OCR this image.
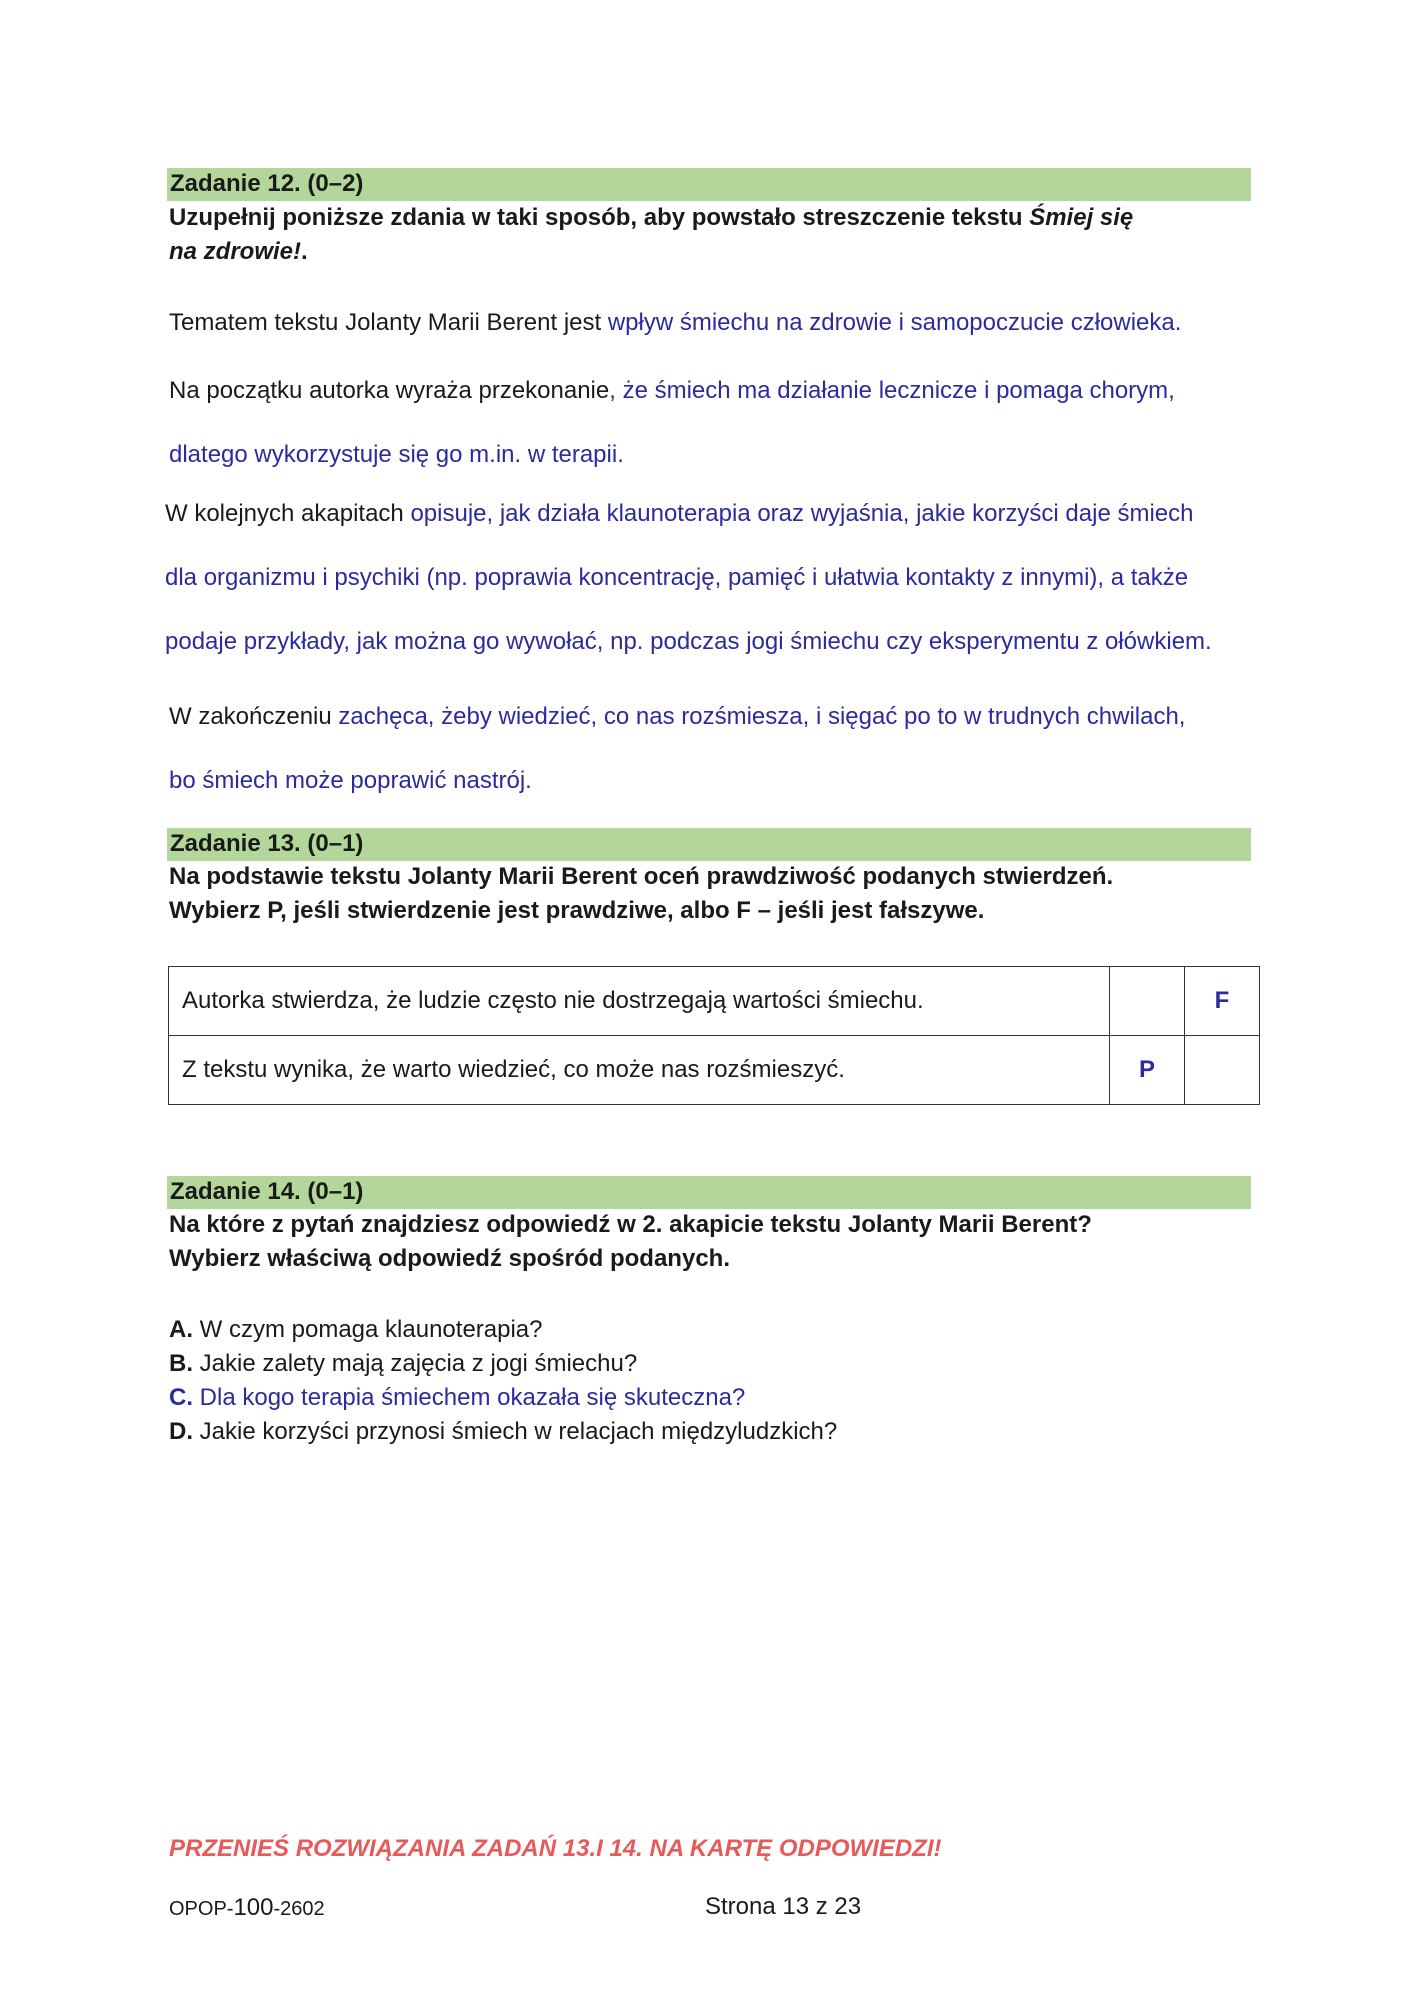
Zadanie 12. (0–2)
Uzupełnij poniższe zdania w taki sposób, aby powstało streszczenie tekstu Śmiej się
na zdrowie!.
Tematem tekstu Jolanty Marii Berent jest wpływ śmiechu na zdrowie i samopoczucie człowieka.
Na początku autorka wyraża przekonanie, że śmiech ma działanie lecznicze i pomaga chorym,
dlatego wykorzystuje się go m.in. w terapii.
W kolejnych akapitach opisuje, jak działa klaunoterapia oraz wyjaśnia, jakie korzyści daje śmiech
dla organizmu i psychiki (np. poprawia koncentrację, pamięć i ułatwia kontakty z innymi), a także
podaje przykłady, jak można go wywołać, np. podczas jogi śmiechu czy eksperymentu z ołówkiem.
W zakończeniu zachęca, żeby wiedzieć, co nas rozśmiesza, i sięgać po to w trudnych chwilach,
bo śmiech może poprawić nastrój.
Zadanie 13. (0–1)
Na podstawie tekstu Jolanty Marii Berent oceń prawdziwość podanych stwierdzeń.
Wybierz P, jeśli stwierdzenie jest prawdziwe, albo F – jeśli jest fałszywe.
Autorka stwierdza, że ludzie często nie dostrzegają wartości śmiechu.		F
Z tekstu wynika, że warto wiedzieć, co może nas rozśmieszyć.	P	
Zadanie 14. (0–1)
Na które z pytań znajdziesz odpowiedź w 2. akapicie tekstu Jolanty Marii Berent?
Wybierz właściwą odpowiedź spośród podanych.
A. W czym pomaga klaunoterapia?
B. Jakie zalety mają zajęcia z jogi śmiechu?
C. Dla kogo terapia śmiechem okazała się skuteczna?
D. Jakie korzyści przynosi śmiech w relacjach międzyludzkich?
PRZENIEŚ ROZWIĄZANIA ZADAŃ 13.I 14. NA KARTĘ ODPOWIEDZI!
OPOP-100-2602	Strona 13 z 23
